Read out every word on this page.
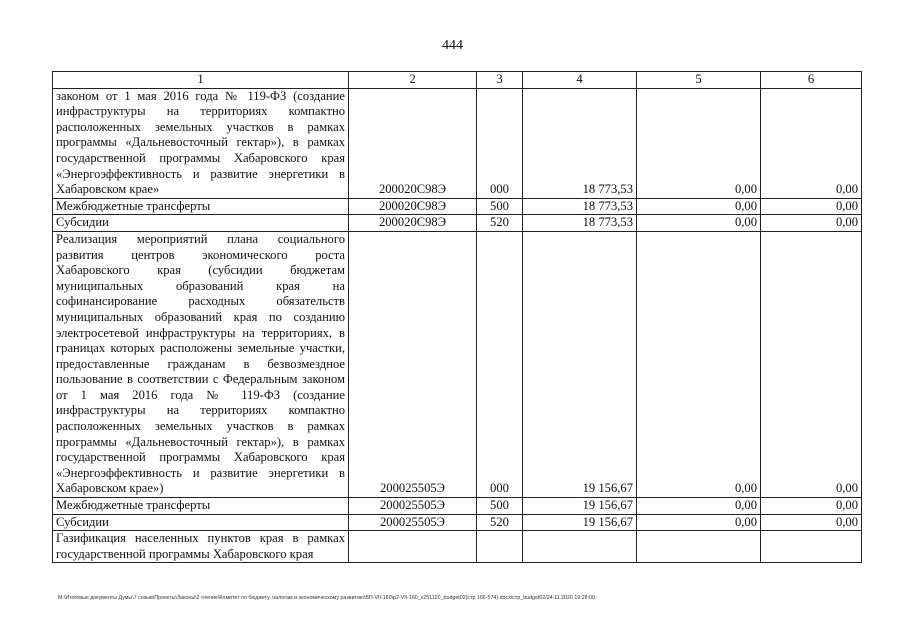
444
1	2	3	4	5	6
законом от 1 мая 2016 года № 119-ФЗ (создание инфраструктуры на территориях компактно расположенных земельных участков в рамках программы «Дальневосточный гектар»), в рамках государственной программы Хабаровского края «Энергоэффективность и развитие энергетики в Хабаровском крае»	200020С98Э	000	18 773,53	0,00	0,00
Межбюджетные трансферты	200020С98Э	500	18 773,53	0,00	0,00
Субсидии	200020С98Э	520	18 773,53	0,00	0,00
Реализация мероприятий плана социального развития центров экономического роста Хабаровского края (субсидии бюджетам муниципальных образований края на софинансирование расходных обязательств муниципальных образований края по созданию электросетевой инфраструктуры на территориях, в границах которых расположены земельные участки, предоставленные гражданам в безвозмездное пользование в соответствии с Федеральным законом от 1 мая 2016 года № 119-ФЗ (создание инфраструктуры на территориях компактно расположенных земельных участков в рамках программы «Дальневосточный гектар»), в рамках государственной программы Хабаровского края «Энергоэффективность и развитие энергетики в Хабаровском крае»)	200025505Э	000	19 156,67	0,00	0,00
Межбюджетные трансферты	200025505Э	500	19 156,67	0,00	0,00
Субсидии	200025505Э	520	19 156,67	0,00	0,00
Газификация населенных пунктов края в рамках государственной программы Хабаровского края					
M:\Итоговые документы Думы\7 созыв\Проекты\Законы\2 чтение\Комитет по бюджету, налогам и экономическому развитию\ВП-VII-160\р2-VII-160_v251120_budget02(стр 166-574).docx/стр_budget02/24.11.2020 19:28:00
